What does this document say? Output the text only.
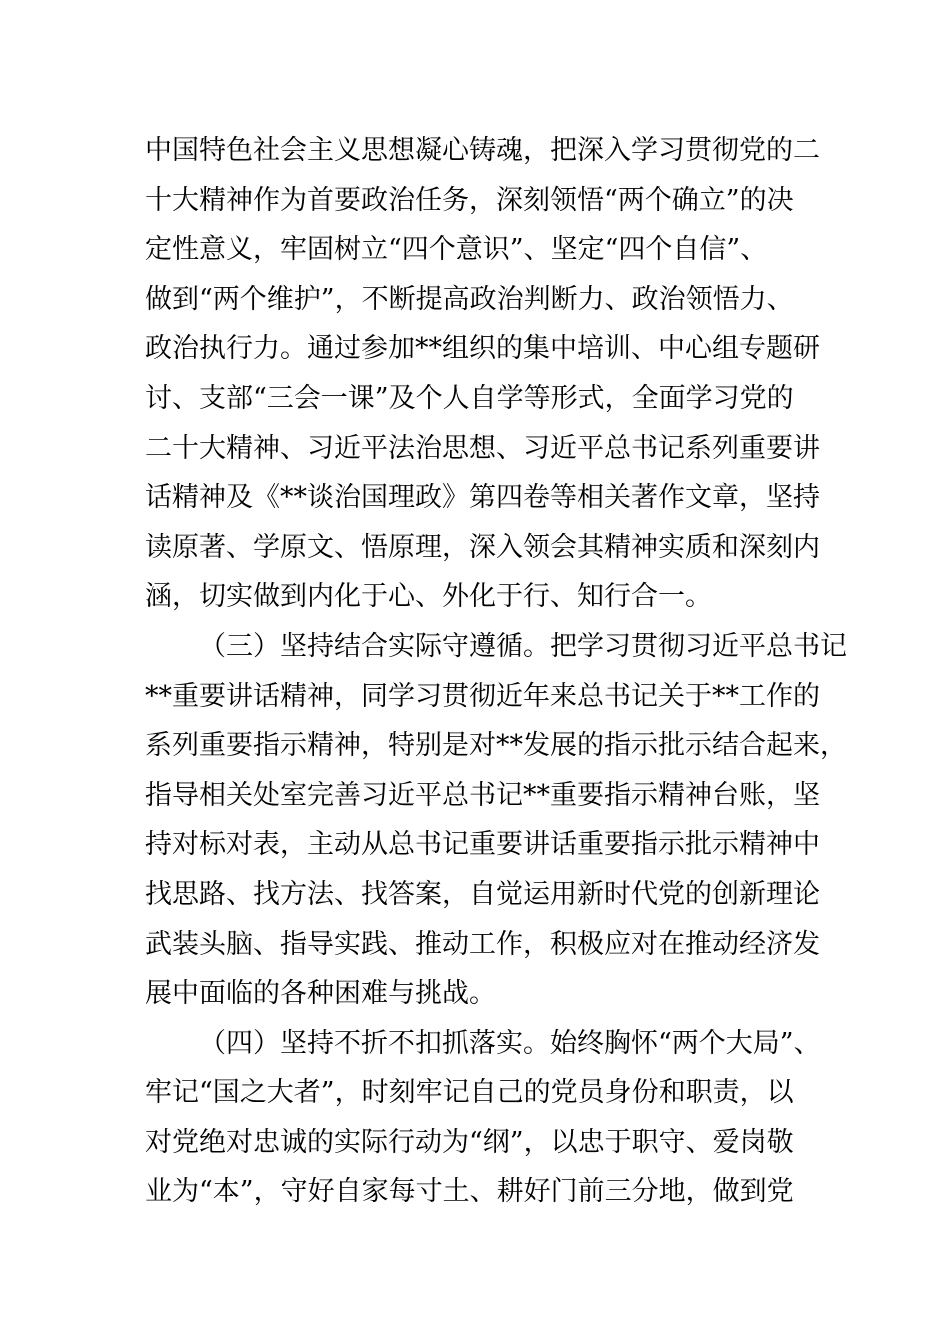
中国特色社会主义思想凝心铸魂，把深入学习贯彻党的二
十大精神作为首要政治任务，深刻领悟“两个确立”的决
定性意义，牢固树立“四个意识”、坚定“四个自信”、
做到“两个维护”，不断提高政治判断力、政治领悟力、
政治执行力。通过参加**组织的集中培训、中心组专题研
讨、支部“三会一课”及个人自学等形式，全面学习党的
二十大精神、习近平法治思想、习近平总书记系列重要讲
话精神及《**谈治国理政》第四卷等相关著作文章，坚持
读原著、学原文、悟原理，深入领会其精神实质和深刻内
涵，切实做到内化于心、外化于行、知行合一。
（三）坚持结合实际守遵循。把学习贯彻习近平总书记
**重要讲话精神，同学习贯彻近年来总书记关于**工作的
系列重要指示精神，特别是对**发展的指示批示结合起来，
指导相关处室完善习近平总书记**重要指示精神台账，坚
持对标对表，主动从总书记重要讲话重要指示批示精神中
找思路、找方法、找答案，自觉运用新时代党的创新理论
武装头脑、指导实践、推动工作，积极应对在推动经济发
展中面临的各种困难与挑战。
（四）坚持不折不扣抓落实。始终胸怀“两个大局”、
牢记“国之大者”，时刻牢记自己的党员身份和职责，以
对党绝对忠诚的实际行动为“纲”，以忠于职守、爱岗敬
业为“本”，守好自家每寸土、耕好门前三分地，做到党
